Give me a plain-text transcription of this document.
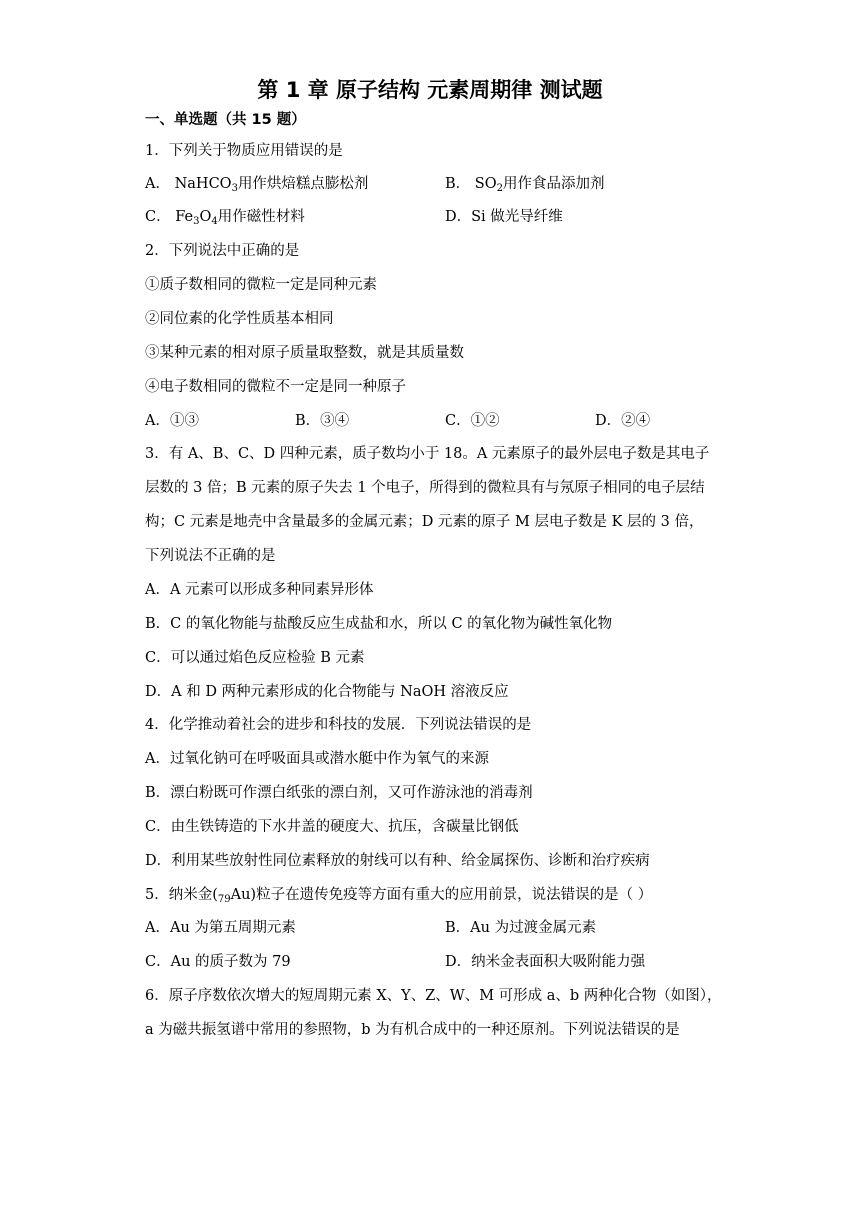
第 1 章 原子结构 元素周期律 测试题
一、单选题（共 15 题）
1．下列关于物质应用错误的是
A． NaHCO$_3$用作烘焙糕点膨松剂	B． $SO_2$用作食品添加剂
C． $Fe_3O_4$用作磁性材料	D．Si 做光导纤维
2．下列说法中正确的是
①质子数相同的微粒一定是同种元素
②同位素的化学性质基本相同
③某种元素的相对原子质量取整数，就是其质量数
④电子数相同的微粒不一定是同一种原子
A．①③	B．③④	C．①②	D．②④
3．有 A、B、C、D 四种元素，质子数均小于 18。A 元素原子的最外层电子数是其电子
层数的 3 倍；B 元素的原子失去 1 个电子，所得到的微粒具有与氖原子相同的电子层结
构；C 元素是地壳中含量最多的金属元素；D 元素的原子 M 层电子数是 K 层的 3 倍，
下列说法不正确的是
A．A 元素可以形成多种同素异形体
B．C 的氧化物能与盐酸反应生成盐和水，所以 C 的氧化物为碱性氧化物
C．可以通过焰色反应检验 B 元素
D．A 和 D 两种元素形成的化合物能与 NaOH 溶液反应
4．化学推动着社会的进步和科技的发展．下列说法错误的是
A．过氧化钠可在呼吸面具或潜水艇中作为氧气的来源
B．漂白粉既可作漂白纸张的漂白剂，又可作游泳池的消毒剂
C．由生铁铸造的下水井盖的硬度大、抗压，含碳量比钢低
D．利用某些放射性同位素释放的射线可以有种、给金属探伤、诊断和治疗疾病
5．纳米金$(_{79}Au)$粒子在遗传免疫等方面有重大的应用前景，说法错误的是（ ）
A．Au 为第五周期元素	B．Au 为过渡金属元素
C．Au 的质子数为 79	D．纳米金表面积大吸附能力强
6．原子序数依次增大的短周期元素 X、Y、Z、W、M 可形成 a、b 两种化合物（如图），
a 为磁共振氢谱中常用的参照物，b 为有机合成中的一种还原剂。下列说法错误的是
